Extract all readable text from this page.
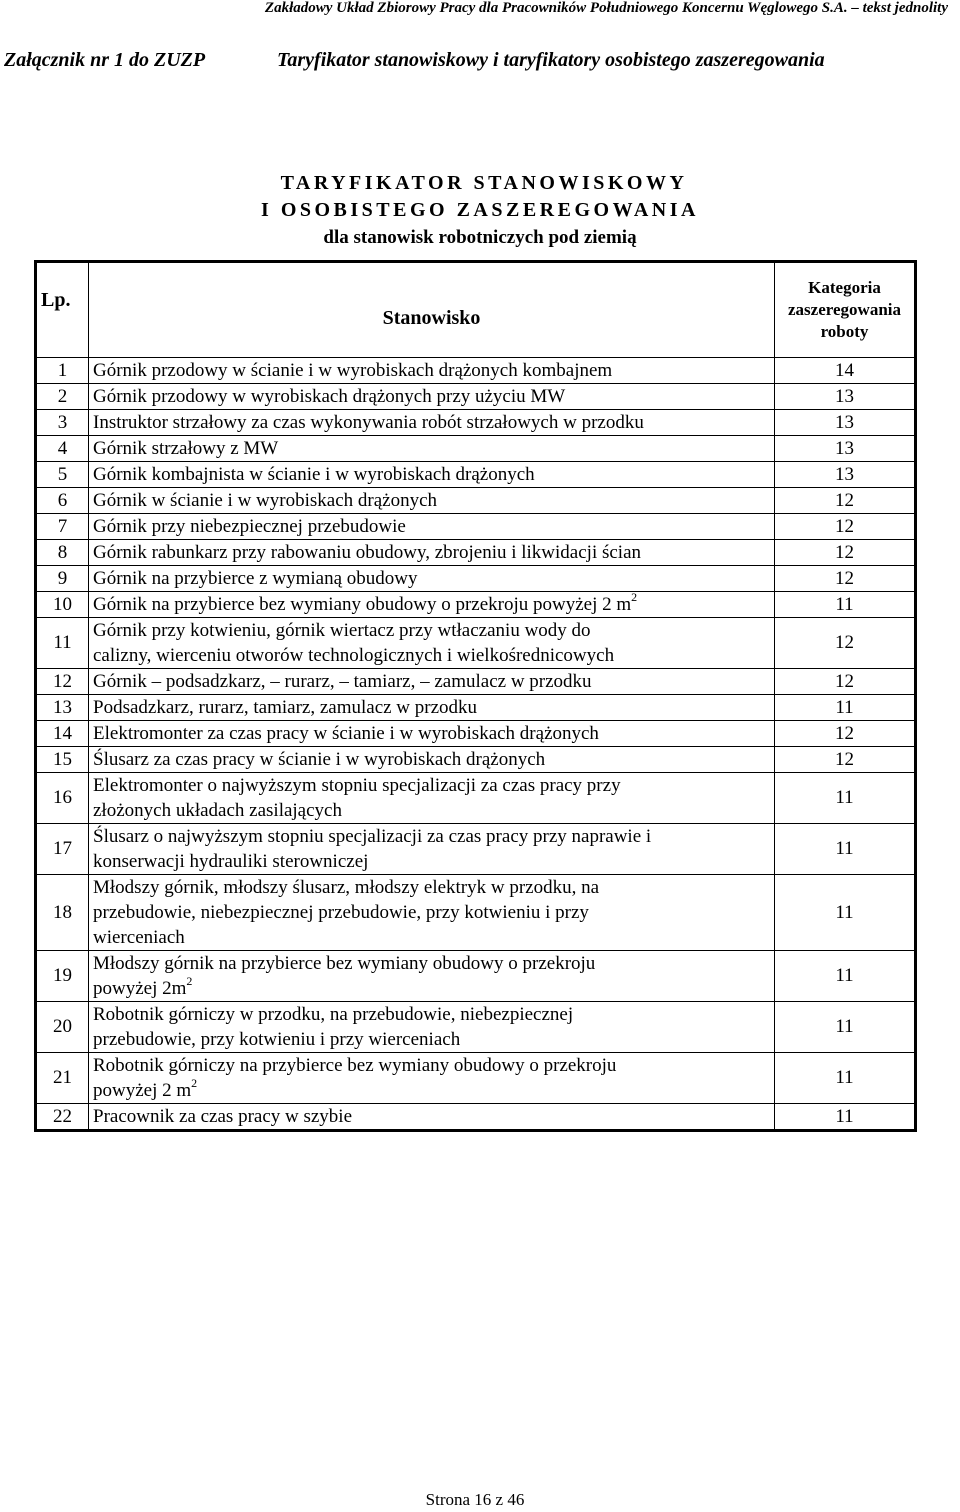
Zakładowy Układ Zbiorowy Pracy dla Pracowników Południowego Koncernu Węglowego S.A. – tekst jednolity
Załącznik nr 1 do ZUZP	Taryfikator stanowiskowy i taryfikatory osobistego zaszeregowania
TARYFIKATOR STANOWISKOWY
I OSOBISTEGO ZASZEREGOWANIA
dla stanowisk robotniczych pod ziemią
Lp.	Stanowisko	Kategoria
zaszeregowania
roboty

1	Górnik przodowy w ścianie i w wyrobiskach drążonych kombajnem	14
2	Górnik przodowy w wyrobiskach drążonych przy użyciu MW	13
3	Instruktor strzałowy za czas wykonywania robót strzałowych w przodku	13
4	Górnik strzałowy z MW	13
5	Górnik kombajnista w ścianie i w wyrobiskach drążonych	13
6	Górnik w ścianie i w wyrobiskach drążonych	12
7	Górnik przy niebezpiecznej przebudowie	12
8	Górnik rabunkarz przy rabowaniu obudowy, zbrojeniu i likwidacji ścian	12
9	Górnik na przybierce z wymianą obudowy	12
10	Górnik na przybierce bez wymiany obudowy o przekroju powyżej 2 $m^2$	11
11	Górnik przy kotwieniu, górnik wiertacz przy wtłaczaniu wody do
calizny, wierceniu otworów technologicznych i wielkośrednicowych	12
12	Górnik – podsadzkarz, – rurarz, – tamiarz, – zamulacz w przodku	12
13	Podsadzkarz, rurarz, tamiarz, zamulacz w przodku	11
14	Elektromonter za czas pracy w ścianie i w wyrobiskach drążonych	12
15	Ślusarz za czas pracy w ścianie i w wyrobiskach drążonych	12
16	Elektromonter o najwyższym stopniu specjalizacji za czas pracy przy
złożonych układach zasilających	11
17	Ślusarz o najwyższym stopniu specjalizacji za czas pracy przy naprawie i
konserwacji hydrauliki sterowniczej	11
18	Młodszy górnik, młodszy ślusarz, młodszy elektryk w przodku, na
przebudowie, niebezpiecznej przebudowie, przy kotwieniu i przy
wierceniach	11
19	Młodszy górnik na przybierce bez wymiany obudowy o przekroju
powyżej $2m^2$	11
20	Robotnik górniczy w przodku, na przebudowie, niebezpiecznej
przebudowie, przy kotwieniu i przy wierceniach	11
21	Robotnik górniczy na przybierce bez wymiany obudowy o przekroju
powyżej 2 $m^2$	11
22	Pracownik za czas pracy w szybie	11
Strona 16 z 46
